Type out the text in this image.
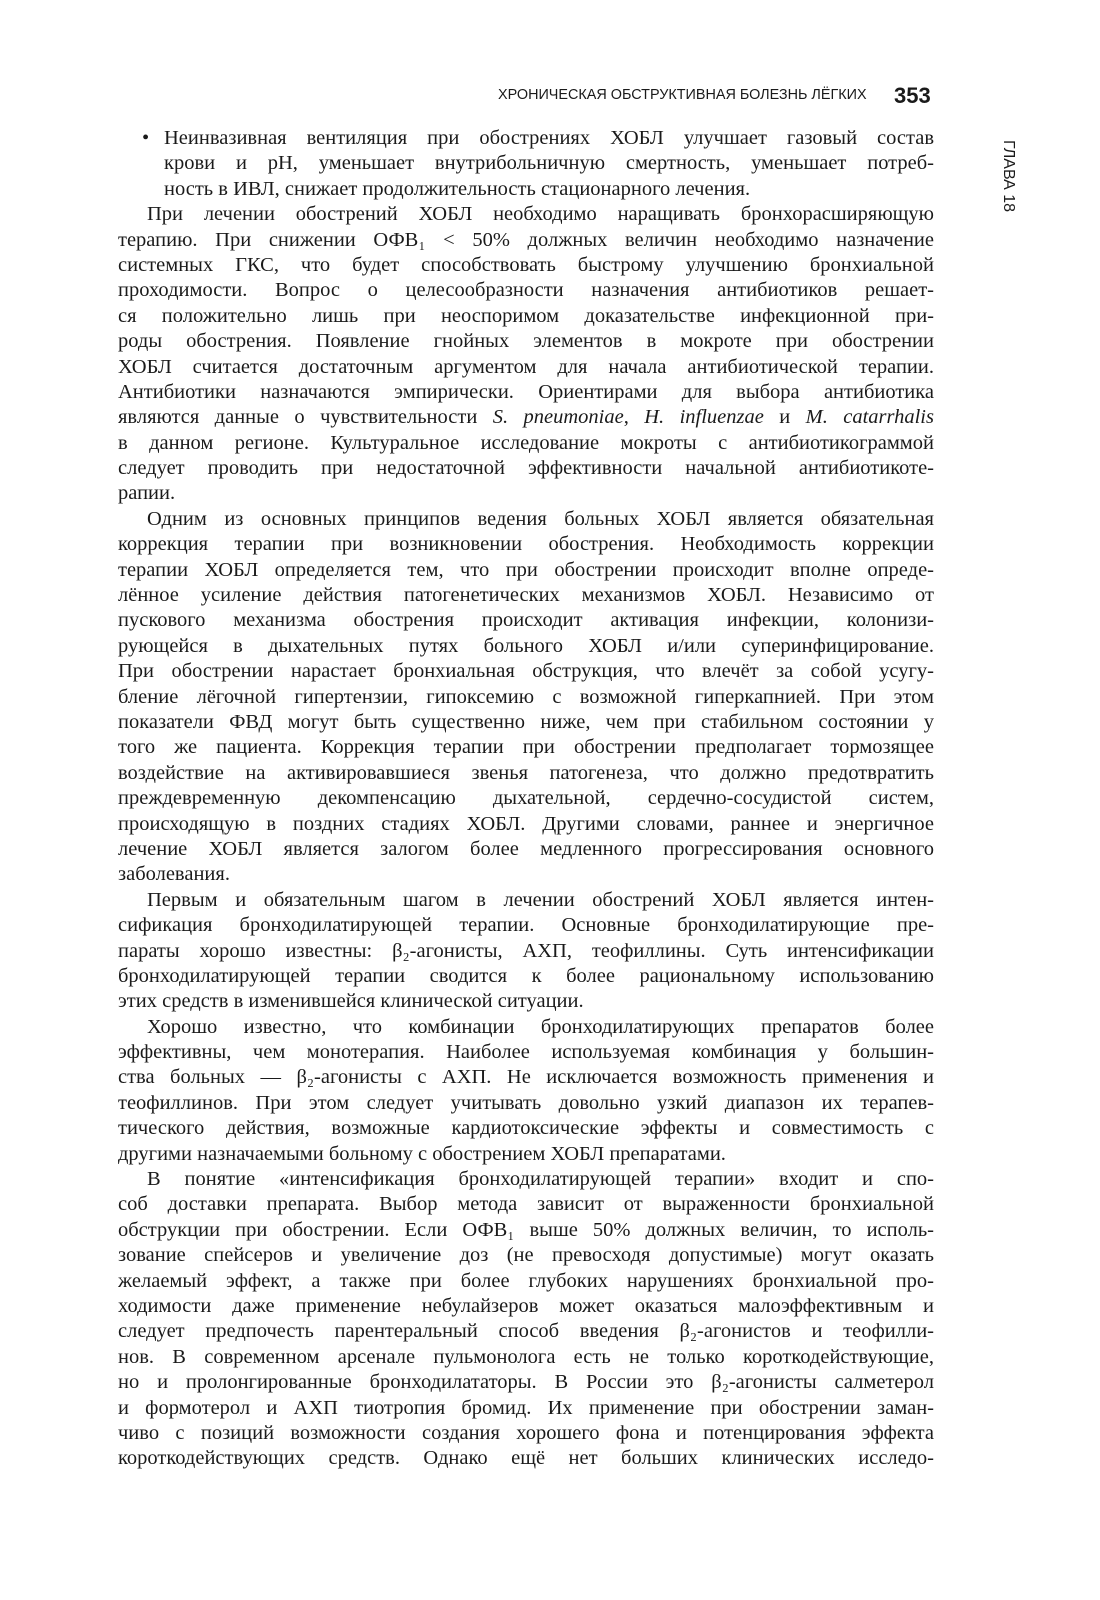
ХРОНИЧЕСКАЯ ОБСТРУКТИВНАЯ БОЛЕЗНЬ ЛЁГКИХ 353
ГЛАВА 18
• Неинвазивная вентиляция при обострениях ХОБЛ улучшает газовый состав
крови и рН, уменьшает внутрибольничную смертность, уменьшает потреб-
ность в ИВЛ, снижает продолжительность стационарного лечения.
При лечении обострений ХОБЛ необходимо наращивать бронхорасширяющую
терапию. При снижении ОФВ₁ < 50% должных величин необходимо назначение
системных ГКС, что будет способствовать быстрому улучшению бронхиальной
проходимости. Вопрос о целесообразности назначения антибиотиков решает-
ся положительно лишь при неоспоримом доказательстве инфекционной при-
роды обострения. Появление гнойных элементов в мокроте при обострении
ХОБЛ считается достаточным аргументом для начала антибиотической терапии.
Антибиотики назначаются эмпирически. Ориентирами для выбора антибиотика
являются данные о чувствительности S. pneumoniae, H. influenzae и M. catarrhalis
в данном регионе. Культуральное исследование мокроты с антибиотикограммой
следует проводить при недостаточной эффективности начальной антибиотикоте-
рапии.
Одним из основных принципов ведения больных ХОБЛ является обязательная
коррекция терапии при возникновении обострения. Необходимость коррекции
терапии ХОБЛ определяется тем, что при обострении происходит вполне опреде-
лённое усиление действия патогенетических механизмов ХОБЛ. Независимо от
пускового механизма обострения происходит активация инфекции, колонизи-
рующейся в дыхательных путях больного ХОБЛ и/или суперинфицирование.
При обострении нарастает бронхиальная обструкция, что влечёт за собой усугу-
бление лёгочной гипертензии, гипоксемию с возможной гиперкапнией. При этом
показатели ФВД могут быть существенно ниже, чем при стабильном состоянии у
того же пациента. Коррекция терапии при обострении предполагает тормозящее
воздействие на активировавшиеся звенья патогенеза, что должно предотвратить
преждевременную декомпенсацию дыхательной, сердечно-сосудистой систем,
происходящую в поздних стадиях ХОБЛ. Другими словами, раннее и энергичное
лечение ХОБЛ является залогом более медленного прогрессирования основного
заболевания.
Первым и обязательным шагом в лечении обострений ХОБЛ является интен-
сификация бронходилатирующей терапии. Основные бронходилатирующие пре-
параты хорошо известны: β₂-агонисты, АХП, теофиллины. Суть интенсификации
бронходилатирующей терапии сводится к более рациональному использованию
этих средств в изменившейся клинической ситуации.
Хорошо известно, что комбинации бронходилатирующих препаратов более
эффективны, чем монотерапия. Наиболее используемая комбинация у большин-
ства больных — β₂-агонисты с АХП. Не исключается возможность применения и
теофиллинов. При этом следует учитывать довольно узкий диапазон их терапев-
тического действия, возможные кардиотоксические эффекты и совместимость с
другими назначаемыми больному с обострением ХОБЛ препаратами.
В понятие «интенсификация бронходилатирующей терапии» входит и спо-
соб доставки препарата. Выбор метода зависит от выраженности бронхиальной
обструкции при обострении. Если ОФВ₁ выше 50% должных величин, то исполь-
зование спейсеров и увеличение доз (не превосходя допустимые) могут оказать
желаемый эффект, а также при более глубоких нарушениях бронхиальной про-
ходимости даже применение небулайзеров может оказаться малоэффективным и
следует предпочесть парентеральный способ введения β₂-агонистов и теофилли-
нов. В современном арсенале пульмонолога есть не только короткодействующие,
но и пролонгированные бронходилататоры. В России это β₂-агонисты салметерол
и формотерол и АХП тиотропия бромид. Их применение при обострении заман-
чиво с позиций возможности создания хорошего фона и потенцирования эффекта
короткодействующих средств. Однако ещё нет больших клинических исследо-
